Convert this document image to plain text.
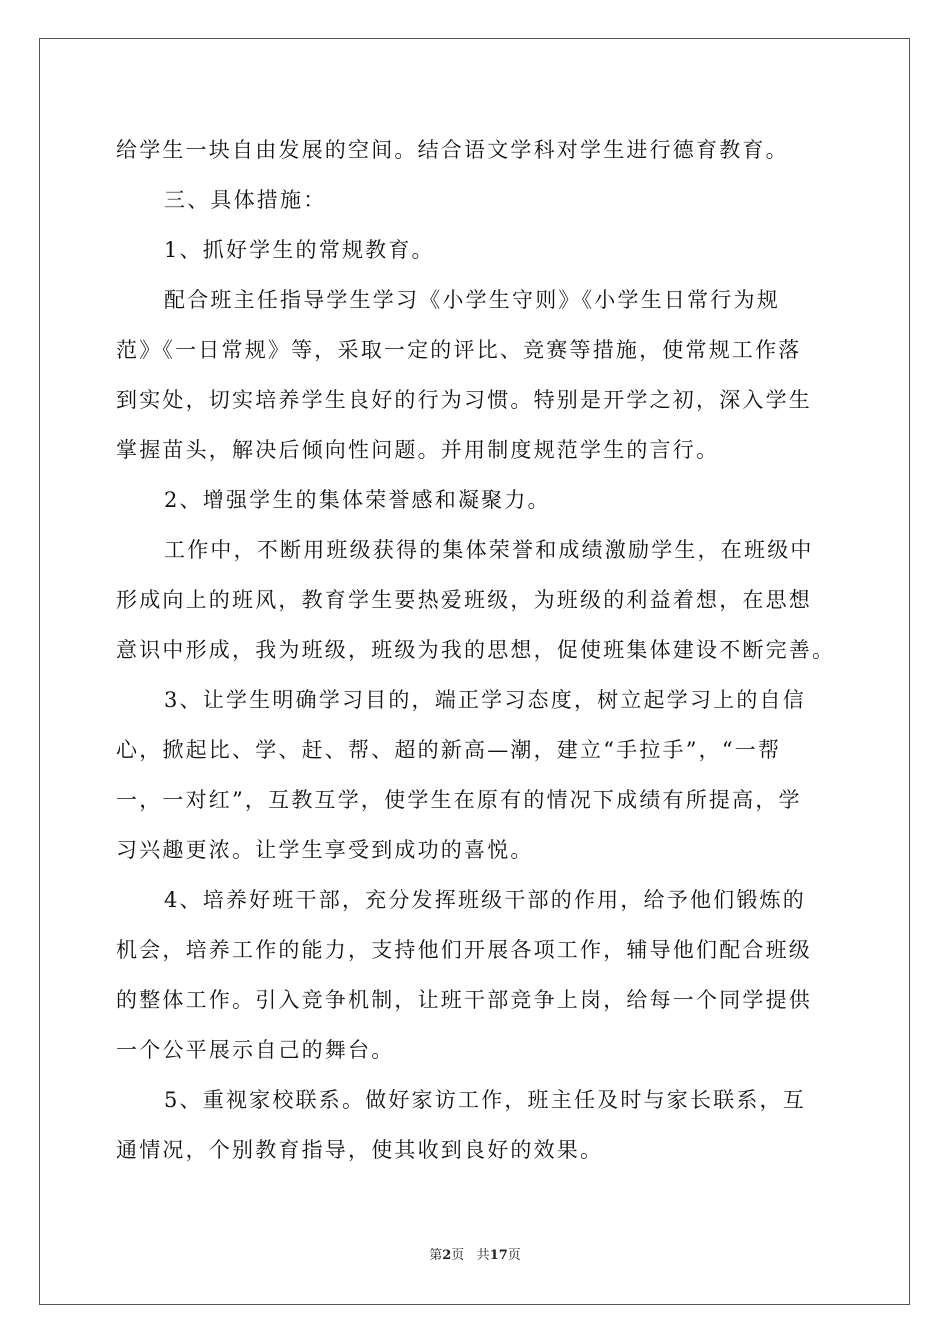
给学生一块自由发展的空间。结合语文学科对学生进行德育教育。
三、具体措施：
1、抓好学生的常规教育。
配合班主任指导学生学习《小学生守则》《小学生日常行为规
范》《一日常规》等，采取一定的评比、竞赛等措施，使常规工作落
到实处，切实培养学生良好的行为习惯。特别是开学之初，深入学生
掌握苗头，解决后倾向性问题。并用制度规范学生的言行。
2、增强学生的集体荣誉感和凝聚力。
工作中，不断用班级获得的集体荣誉和成绩激励学生，在班级中
形成向上的班风，教育学生要热爱班级，为班级的利益着想，在思想
意识中形成，我为班级，班级为我的思想，促使班集体建设不断完善。
3、让学生明确学习目的，端正学习态度，树立起学习上的自信
心，掀起比、学、赶、帮、超的新高—潮，建立“手拉手”，“一帮
一，一对红”，互教互学，使学生在原有的情况下成绩有所提高，学
习兴趣更浓。让学生享受到成功的喜悦。
4、培养好班干部，充分发挥班级干部的作用，给予他们锻炼的
机会，培养工作的能力，支持他们开展各项工作，辅导他们配合班级
的整体工作。引入竞争机制，让班干部竞争上岗，给每一个同学提供
一个公平展示自己的舞台。
5、重视家校联系。做好家访工作，班主任及时与家长联系，互
通情况，个别教育指导，使其收到良好的效果。
第2页 共17页
